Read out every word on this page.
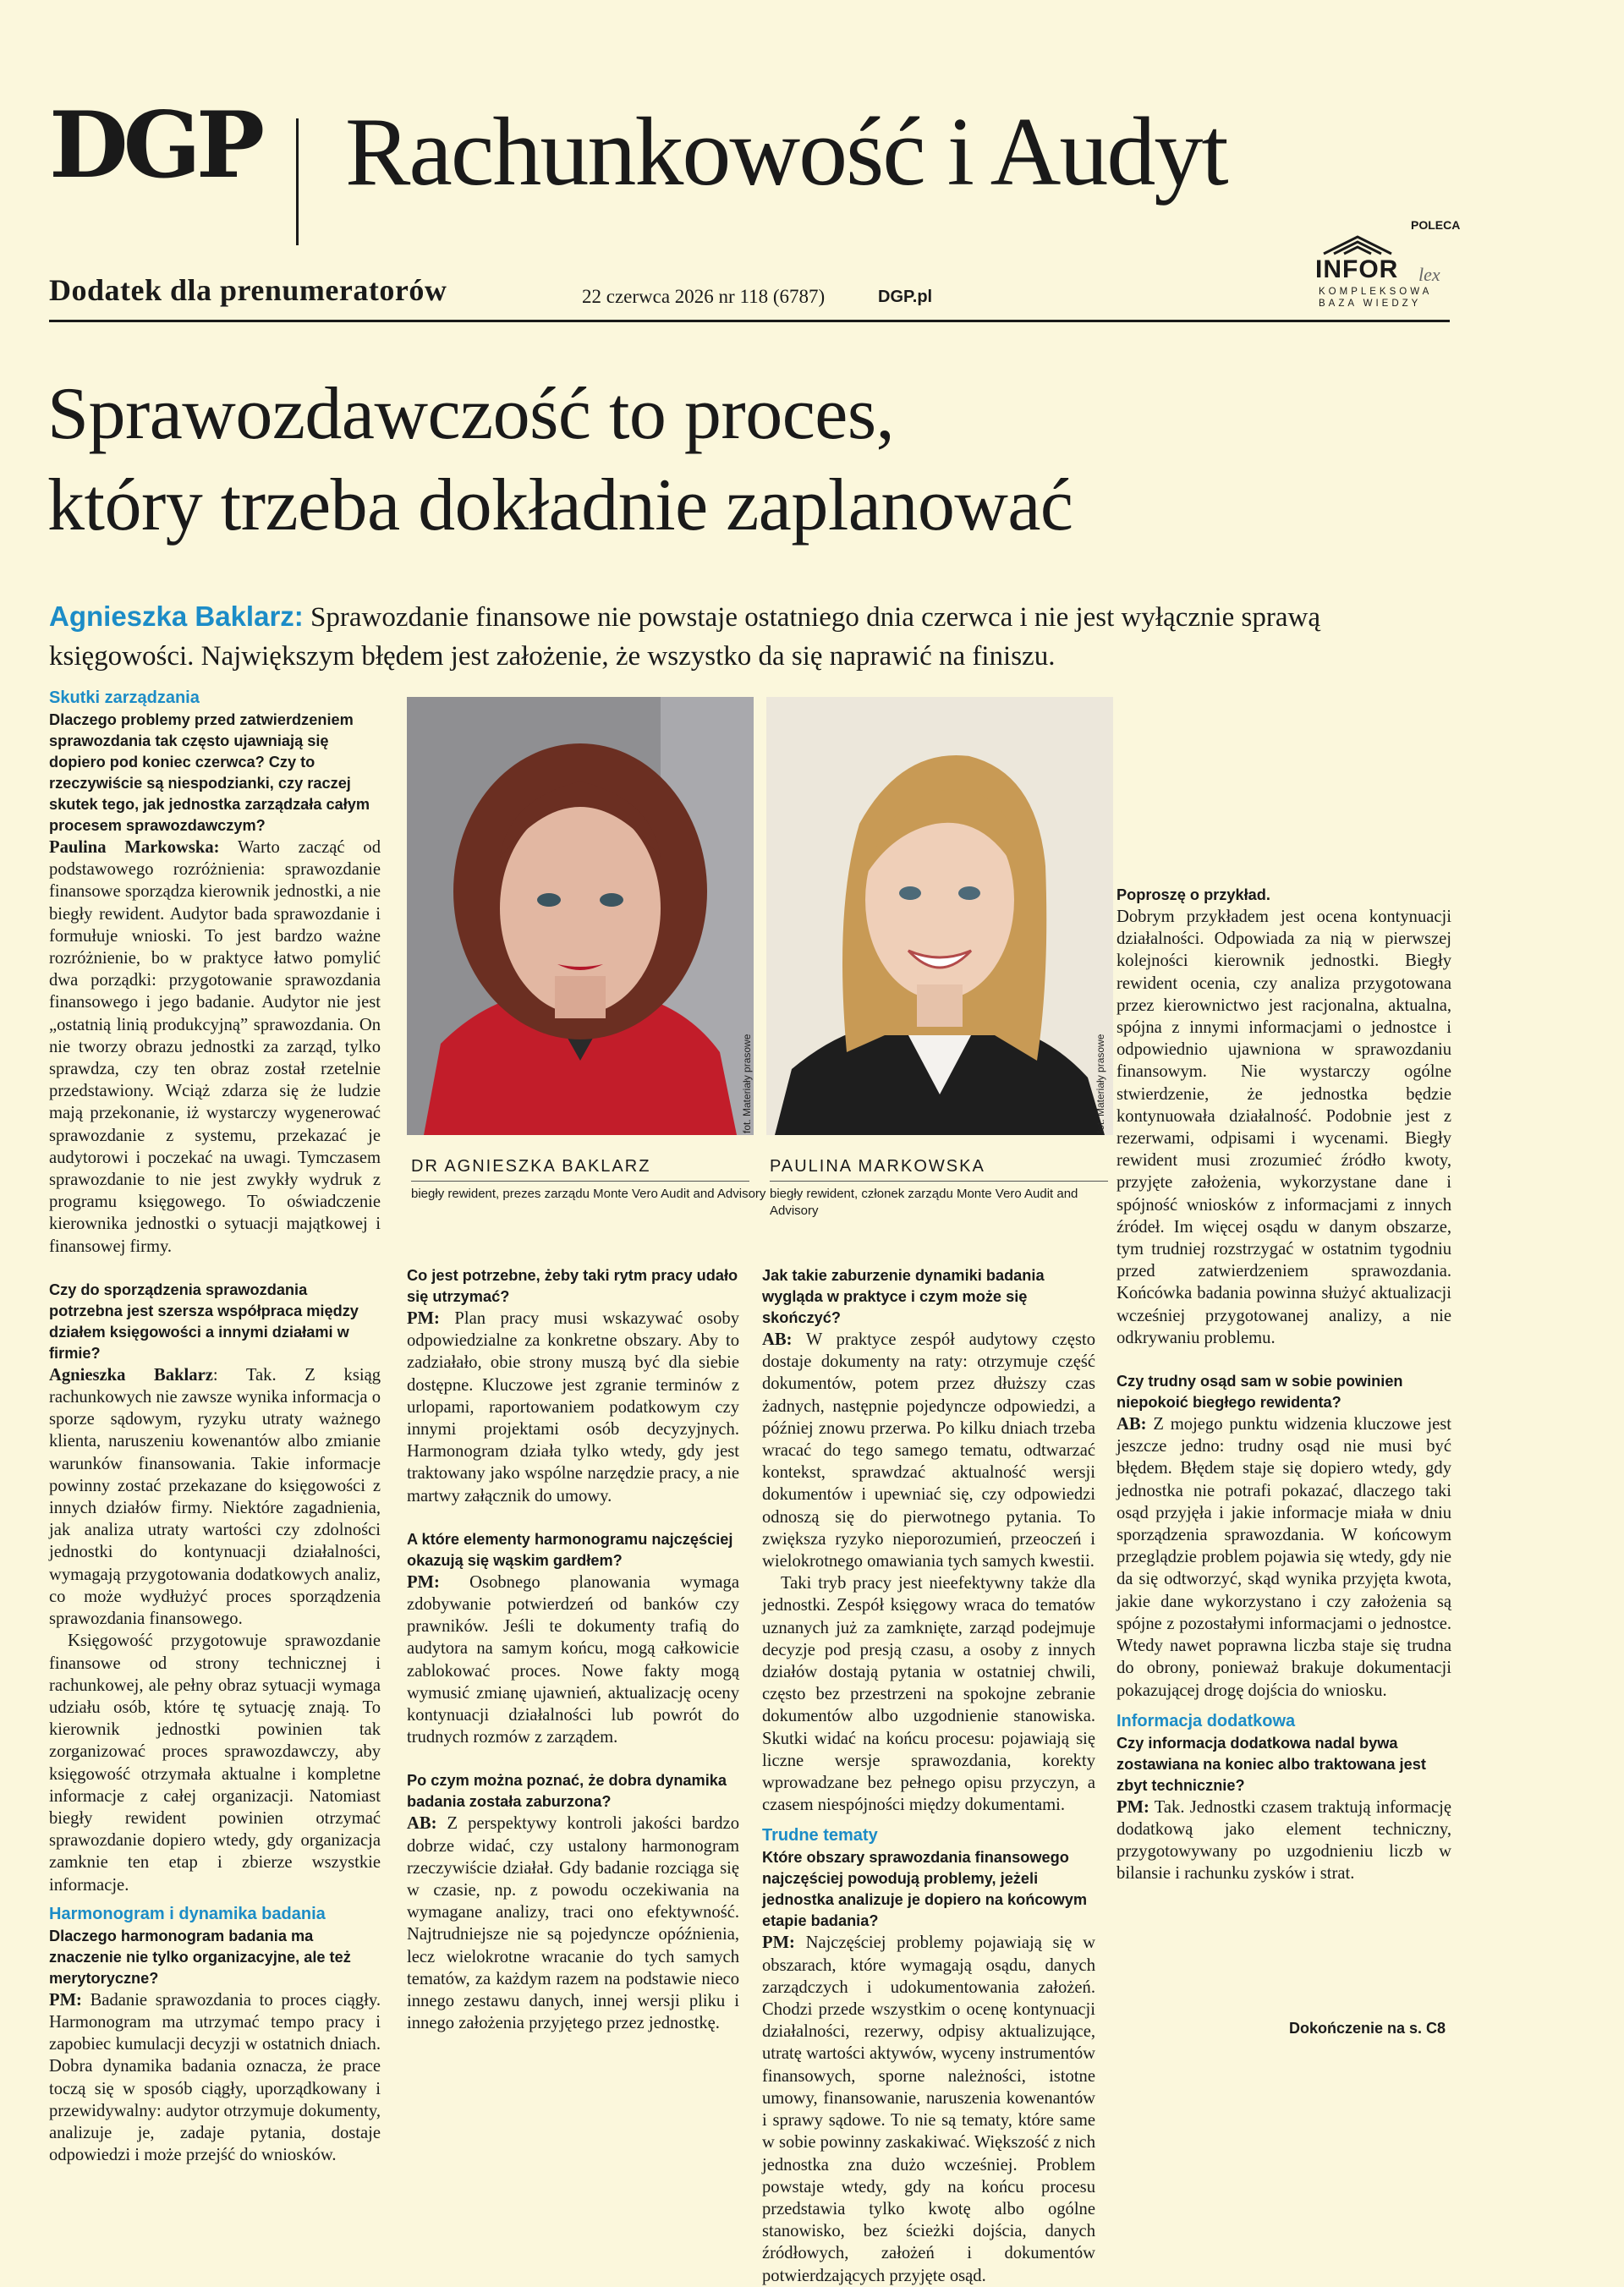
DGP Rachunkowość i Audyt
Dodatek dla prenumeratorów	22 czerwca 2026 nr 118 (6787)	DGP.pl
POLECA
INFOR lex
KOMPLEKSOWA BAZA WIEDZY
Sprawozdawczość to proces,
który trzeba dokładnie zaplanować
Agnieszka Baklarz: Sprawozdanie finansowe nie powstaje ostatniego dnia czerwca i nie jest wyłącznie sprawą księgowości. Największym błędem jest założenie, że wszystko da się naprawić na finiszu.

Skutki zarządzania

Dlaczego problemy przed zatwierdzeniem sprawozdania tak często ujawniają się dopiero pod koniec czerwca? Czy to rzeczywiście są niespodzianki, czy raczej skutek tego, jak jednostka zarządzała całym procesem sprawozdawczym?

Paulina Markowska: Warto zacząć od podstawowego rozróżnienia: sprawozdanie finansowe sporządza kierownik jednostki, a nie biegły rewident. Audytor bada sprawozdanie i formułuje wnioski. To jest bardzo ważne rozróżnienie, bo w praktyce łatwo pomylić dwa porządki: przygotowanie sprawozdania finansowego i jego badanie. Audytor nie jest „ostatnią linią produkcyjną” sprawozdania. On nie tworzy obrazu jednostki za zarząd, tylko sprawdza, czy ten obraz został rzetelnie przedstawiony. Wciąż zdarza się że ludzie mają przekonanie, iż wystarczy wygenerować sprawozdanie z systemu, przekazać je audytorowi i poczekać na uwagi. Tymczasem sprawozdanie to nie jest zwykły wydruk z programu księgowego. To oświadczenie kierownika jednostki o sytuacji majątkowej i finansowej firmy.

Czy do sporządzenia sprawozdania potrzebna jest szersza współpraca między działem księgowości a innymi działami w firmie?

Agnieszka Baklarz: Tak. Z ksiąg rachunkowych nie zawsze wynika informacja o sporze sądowym, ryzyku utraty ważnego klienta, naruszeniu kowenantów albo zmianie warunków finansowania. Takie informacje powinny zostać przekazane do księgowości z innych działów firmy. Niektóre zagadnienia, jak analiza utraty wartości czy zdolności jednostki do kontynuacji działalności, wymagają przygotowania dodatkowych analiz, co może wydłużyć proces sporządzenia sprawozdania finansowego.

Księgowość przygotowuje sprawozdanie finansowe od strony technicznej i rachunkowej, ale pełny obraz sytuacji wymaga udziału osób, które tę sytuację znają. To kierownik jednostki powinien tak zorganizować proces sprawozdawczy, aby księgowość otrzymała aktualne i kompletne informacje z całej organizacji. Natomiast biegły rewident powinien otrzymać sprawozdanie dopiero wtedy, gdy organizacja zamknie ten etap i zbierze wszystkie informacje.

Harmonogram i dynamika badania

Dlaczego harmonogram badania ma znaczenie nie tylko organizacyjne, ale też merytoryczne?

PM: Badanie sprawozdania to proces ciągły. Harmonogram ma utrzymać tempo pracy i zapobiec kumulacji decyzji w ostatnich dniach. Dobra dynamika badania oznacza, że prace toczą się w sposób ciągły, uporządkowany i przewidywalny: audytor otrzymuje dokumenty, analizuje je, zadaje pytania, dostaje odpowiedzi i może przejść do wniosków.

fot. Materiały prasowe
DR AGNIESZKA BAKLARZ
biegły rewident, prezes zarządu Monte Vero Audit and Advisory
fot. Materiały prasowe
PAULINA MARKOWSKA
biegły rewident, członek zarządu Monte Vero Audit and Advisory

Co jest potrzebne, żeby taki rytm pracy udało się utrzymać?

PM: Plan pracy musi wskazywać osoby odpowiedzialne za konkretne obszary. Aby to zadziałało, obie strony muszą być dla siebie dostępne. Kluczowe jest zgranie terminów z urlopami, raportowaniem podatkowym czy innymi projektami osób decyzyjnych. Harmonogram działa tylko wtedy, gdy jest traktowany jako wspólne narzędzie pracy, a nie martwy załącznik do umowy.

A które elementy harmonogramu najczęściej okazują się wąskim gardłem?

PM: Osobnego planowania wymaga zdobywanie potwierdzeń od banków czy prawników. Jeśli te dokumenty trafią do audytora na samym końcu, mogą całkowicie zablokować proces. Nowe fakty mogą wymusić zmianę ujawnień, aktualizację oceny kontynuacji działalności lub powrót do trudnych rozmów z zarządem.

Po czym można poznać, że dobra dynamika badania została zaburzona?

AB: Z perspektywy kontroli jakości bardzo dobrze widać, czy ustalony harmonogram rzeczywiście działał. Gdy badanie rozciąga się w czasie, np. z powodu oczekiwania na wymagane analizy, traci ono efektywność. Najtrudniejsze nie są pojedyncze opóźnienia, lecz wielokrotne wracanie do tych samych tematów, za każdym razem na podstawie nieco innego zestawu danych, innej wersji pliku i innego założenia przyjętego przez jednostkę.

Jak takie zaburzenie dynamiki badania wygląda w praktyce i czym może się skończyć?

AB: W praktyce zespół audytowy często dostaje dokumenty na raty: otrzymuje część dokumentów, potem przez dłuższy czas żadnych, następnie pojedyncze odpowiedzi, a później znowu przerwa. Po kilku dniach trzeba wracać do tego samego tematu, odtwarzać kontekst, sprawdzać aktualność wersji dokumentów i upewniać się, czy odpowiedzi odnoszą się do pierwotnego pytania. To zwiększa ryzyko nieporozumień, przeoczeń i wielokrotnego omawiania tych samych kwestii.

Taki tryb pracy jest nieefektywny także dla jednostki. Zespół księgowy wraca do tematów uznanych już za zamknięte, zarząd podejmuje decyzje pod presją czasu, a osoby z innych działów dostają pytania w ostatniej chwili, często bez przestrzeni na spokojne zebranie dokumentów albo uzgodnienie stanowiska. Skutki widać na końcu procesu: pojawiają się liczne wersje sprawozdania, korekty wprowadzane bez pełnego opisu przyczyn, a czasem niespójności między dokumentami.

Trudne tematy

Które obszary sprawozdania finansowego najczęściej powodują problemy, jeżeli jednostka analizuje je dopiero na końcowym etapie badania?

PM: Najczęściej problemy pojawiają się w obszarach, które wymagają osądu, danych zarządczych i udokumentowania założeń. Chodzi przede wszystkim o ocenę kontynuacji działalności, rezerwy, odpisy aktualizujące, utratę wartości aktywów, wyceny instrumentów finansowych, sporne należności, istotne umowy, finansowanie, naruszenia kowenantów i sprawy sądowe. To nie są tematy, które same w sobie powinny zaskakiwać. Większość z nich jednostka zna dużo wcześniej. Problem powstaje wtedy, gdy na końcu procesu przedstawia tylko kwotę albo ogólne stanowisko, bez ścieżki dojścia, danych źródłowych, założeń i dokumentów potwierdzających przyjęte osąd.

Poproszę o przykład.

Dobrym przykładem jest ocena kontynuacji działalności. Odpowiada za nią w pierwszej kolejności kierownik jednostki. Biegły rewident ocenia, czy analiza przygotowana przez kierownictwo jest racjonalna, aktualna, spójna z innymi informacjami o jednostce i odpowiednio ujawniona w sprawozdaniu finansowym. Nie wystarczy ogólne stwierdzenie, że jednostka będzie kontynuowała działalność. Podobnie jest z rezerwami, odpisami i wycenami. Biegły rewident musi zrozumieć źródło kwoty, przyjęte założenia, wykorzystane dane i spójność wniosków z informacjami z innych źródeł. Im więcej osądu w danym obszarze, tym trudniej rozstrzygać w ostatnim tygodniu przed zatwierdzeniem sprawozdania. Końcówka badania powinna służyć aktualizacji wcześniej przygotowanej analizy, a nie odkrywaniu problemu.

Czy trudny osąd sam w sobie powinien niepokoić biegłego rewidenta?

AB: Z mojego punktu widzenia kluczowe jest jeszcze jedno: trudny osąd nie musi być błędem. Błędem staje się dopiero wtedy, gdy jednostka nie potrafi pokazać, dlaczego taki osąd przyjęła i jakie informacje miała w dniu sporządzenia sprawozdania. W końcowym przeglądzie problem pojawia się wtedy, gdy nie da się odtworzyć, skąd wynika przyjęta kwota, jakie dane wykorzystano i czy założenia są spójne z pozostałymi informacjami o jednostce. Wtedy nawet poprawna liczba staje się trudna do obrony, ponieważ brakuje dokumentacji pokazującej drogę dojścia do wniosku.

Informacja dodatkowa

Czy informacja dodatkowa nadal bywa zostawiana na koniec albo traktowana jest zbyt technicznie?

PM: Tak. Jednostki czasem traktują informację dodatkową jako element techniczny, przygotowywany po uzgodnieniu liczb w bilansie i rachunku zysków i strat.

Dokończenie na s. C8
